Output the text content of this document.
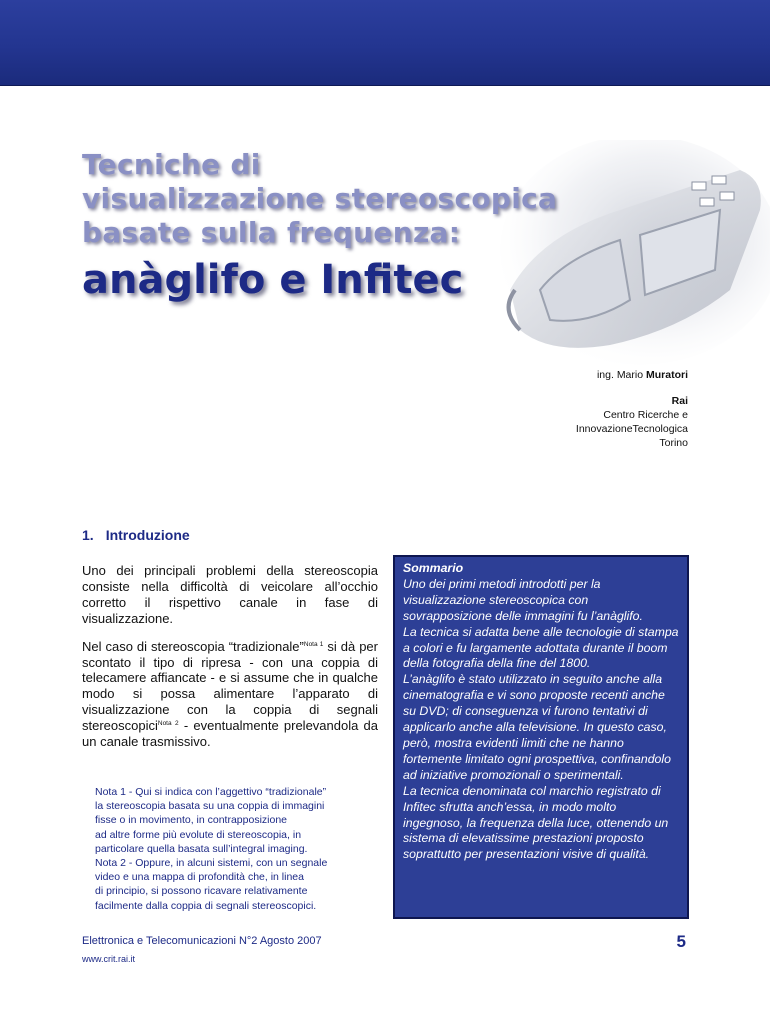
Tecniche di
visualizzazione stereoscopica
basate sulla frequenza:
anàglifo e Infitec
ing. Mario Muratori
Rai
Centro Ricerche e
InnovazioneTecnologica
Torino
1. Introduzione

Uno dei principali problemi della stereoscopia consiste nella difficoltà di veicolare all’occhio corretto il rispettivo canale in fase di visualizzazione.

Nel caso di stereoscopia “tradizionale”$^{Nota 1}$ si dà per scontato il tipo di ripresa - con una coppia di telecamere affiancate - e si assume che in qualche modo si possa alimentare l’apparato di visualizzazione con la coppia di segnali stereoscopici$^{Nota 2}$ - eventualmente prelevandola da un canale trasmissivo.

Nota 1 - Qui si indica con l’aggettivo “tradizionale”
la stereoscopia basata su una coppia di immagini
fisse o in movimento, in contrapposizione
ad altre forme più evolute di stereoscopia, in
particolare quella basata sull’integral imaging.
Nota 2 - Oppure, in alcuni sistemi, con un segnale
video e una mappa di profondità che, in linea
di principio, si possono ricavare relativamente
facilmente dalla coppia di segnali stereoscopici.
Sommario

Uno dei primi metodi introdotti per la visualizzazione stereoscopica con sovrapposizione delle immagini fu l’anàglifo.

La tecnica si adatta bene alle tecnologie di stampa a colori e fu largamente adottata durante il boom della fotografia della fine del 1800.

L’anàglifo è stato utilizzato in seguito anche alla cinematografia e vi sono proposte recenti anche su DVD; di conseguenza vi furono tentativi di applicarlo anche alla televisione. In questo caso, però, mostra evidenti limiti che ne hanno fortemente limitato ogni prospettiva, confinandolo ad iniziative promozionali o sperimentali.

La tecnica denominata col marchio registrato di Infitec sfrutta anch’essa, in modo molto ingegnoso, la frequenza della luce, ottenendo un sistema di elevatissime prestazioni proposto soprattutto per presentazioni visive di qualità.

Elettronica e Telecomunicazioni N°2 Agosto 2007
www.crit.rai.it
5
